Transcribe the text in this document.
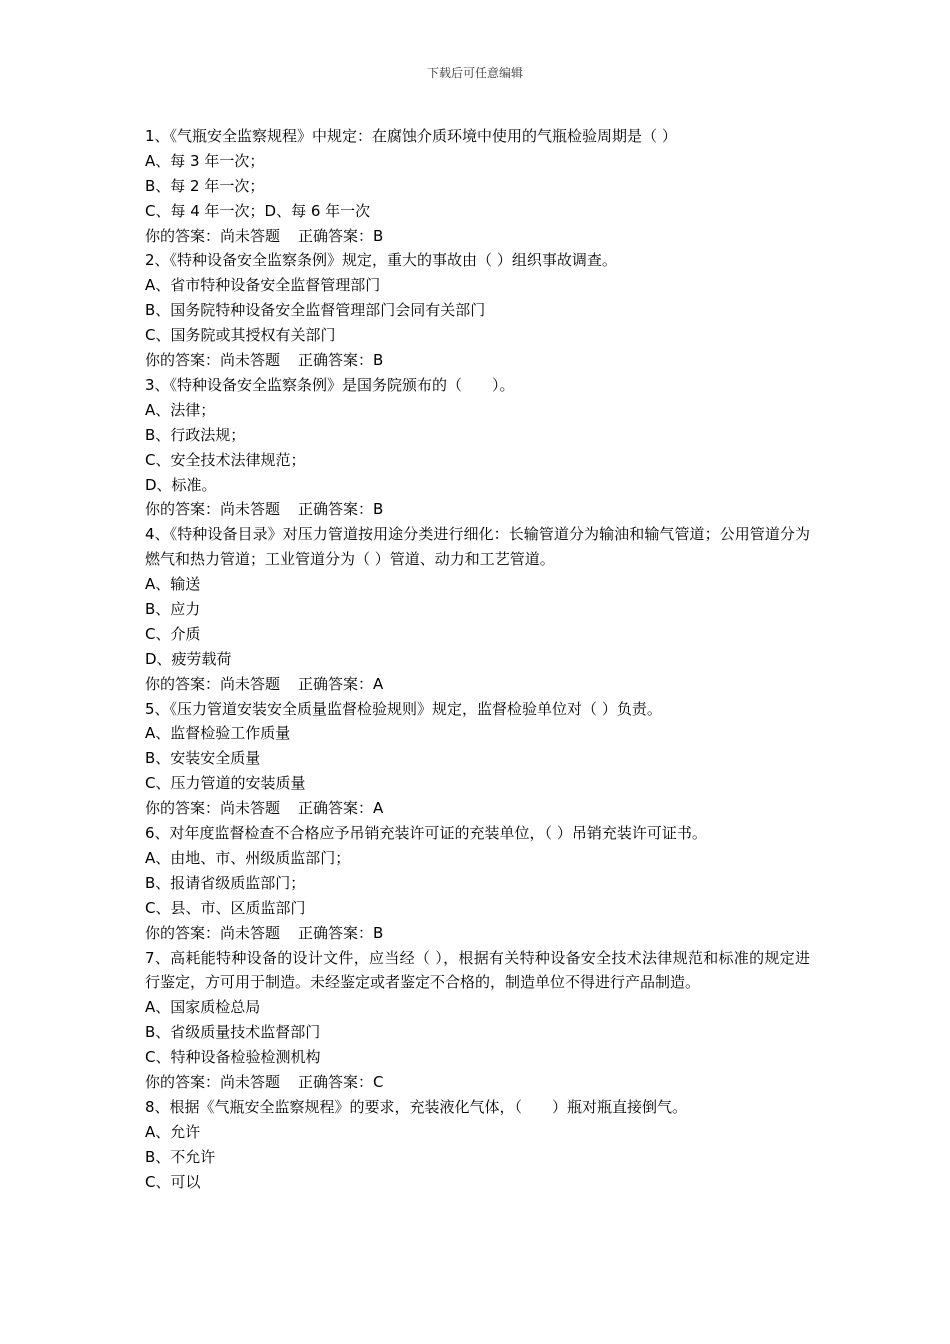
下载后可任意编辑
1、《气瓶安全监察规程》中规定：在腐蚀介质环境中使用的气瓶检验周期是（ ）
A、每 3 年一次；
B、每 2 年一次；
C、每 4 年一次；D、每 6 年一次
你的答案：尚未答题 正确答案：B
2、《特种设备安全监察条例》规定，重大的事故由（ ）组织事故调查。
A、省市特种设备安全监督管理部门
B、国务院特种设备安全监督管理部门会同有关部门
C、国务院或其授权有关部门
你的答案：尚未答题 正确答案：B
3、《特种设备安全监察条例》是国务院颁布的（　　）。
A、法律；
B、行政法规；
C、安全技术法律规范；
D、标准。
你的答案：尚未答题 正确答案：B
4、《特种设备目录》对压力管道按用途分类进行细化：长输管道分为输油和输气管道；公用管道分为燃气和热力管道；工业管道分为（ ）管道、动力和工艺管道。
A、输送
B、应力
C、介质
D、疲劳载荷
你的答案：尚未答题 正确答案：A
5、《压力管道安装安全质量监督检验规则》规定，监督检验单位对（ ）负责。
A、监督检验工作质量
B、安装安全质量
C、压力管道的安装质量
你的答案：尚未答题 正确答案：A
6、对年度监督检查不合格应予吊销充装许可证的充装单位，（ ）吊销充装许可证书。
A、由地、市、州级质监部门；
B、报请省级质监部门；
C、县、市、区质监部门
你的答案：尚未答题 正确答案：B
7、高耗能特种设备的设计文件，应当经（ ），根据有关特种设备安全技术法律规范和标准的规定进行鉴定，方可用于制造。未经鉴定或者鉴定不合格的，制造单位不得进行产品制造。
A、国家质检总局
B、省级质量技术监督部门
C、特种设备检验检测机构
你的答案：尚未答题 正确答案：C
8、根据《气瓶安全监察规程》的要求，充装液化气体，（　　）瓶对瓶直接倒气。
A、允许
B、不允许
C、可以
